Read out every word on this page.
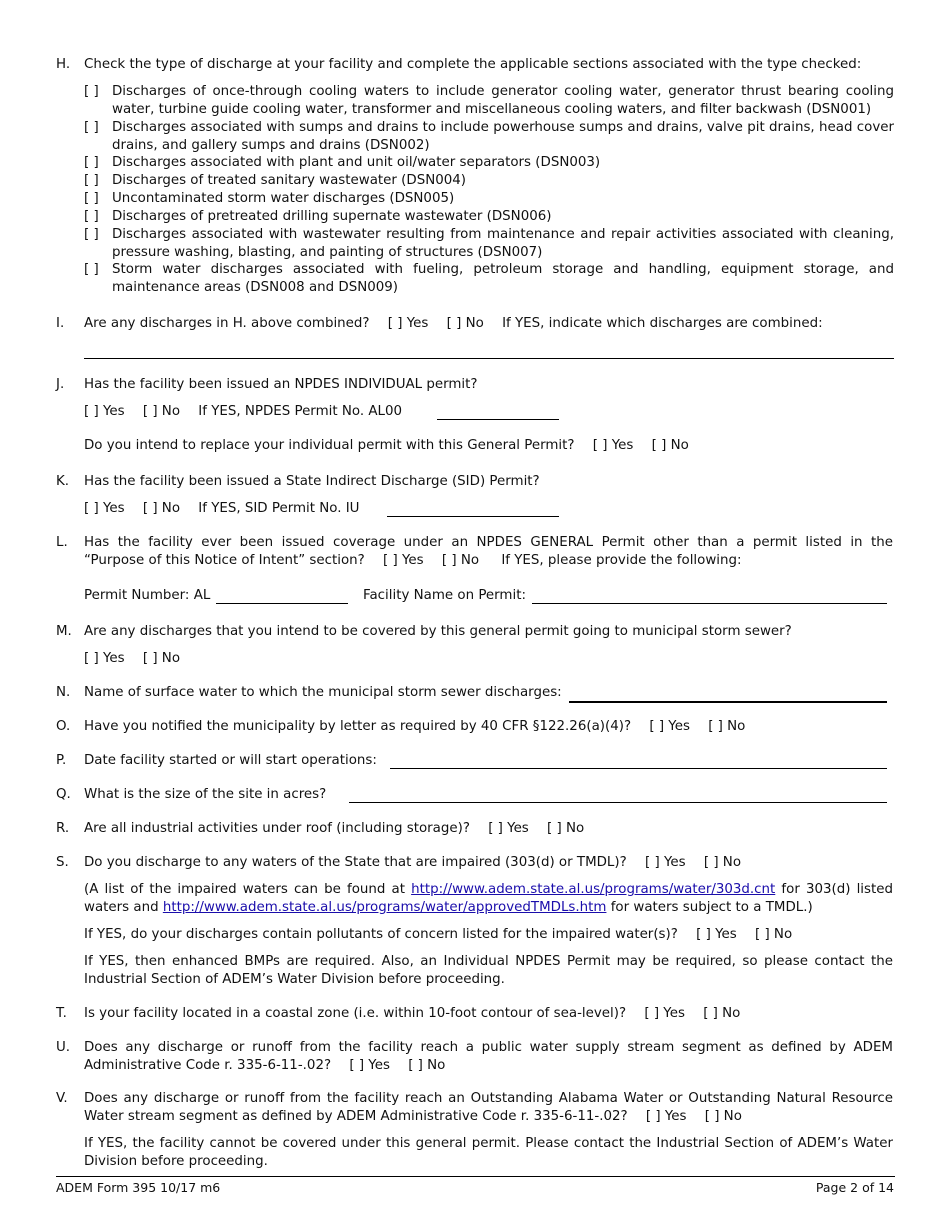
H. Check the type of discharge at your facility and complete the applicable sections associated with the type checked:
[ ] Discharges of once-through cooling waters to include generator cooling water, generator thrust bearing cooling water, turbine guide cooling water, transformer and miscellaneous cooling waters, and filter backwash (DSN001)
[ ] Discharges associated with sumps and drains to include powerhouse sumps and drains, valve pit drains, head cover drains, and gallery sumps and drains (DSN002)
[ ] Discharges associated with plant and unit oil/water separators (DSN003)
[ ] Discharges of treated sanitary wastewater (DSN004)
[ ] Uncontaminated storm water discharges (DSN005)
[ ] Discharges of pretreated drilling supernate wastewater (DSN006)
[ ] Discharges associated with wastewater resulting from maintenance and repair activities associated with cleaning, pressure washing, blasting, and painting of structures (DSN007)
[ ] Storm water discharges associated with fueling, petroleum storage and handling, equipment storage, and maintenance areas (DSN008 and DSN009)
I. Are any discharges in H. above combined? [ ] Yes [ ] No If YES, indicate which discharges are combined:
J. Has the facility been issued an NPDES INDIVIDUAL permit?
[ ] Yes [ ] No If YES, NPDES Permit No. AL00
Do you intend to replace your individual permit with this General Permit? [ ] Yes [ ] No
K. Has the facility been issued a State Indirect Discharge (SID) Permit?
[ ] Yes [ ] No If YES, SID Permit No. IU
L. Has the facility ever been issued coverage under an NPDES GENERAL Permit other than a permit listed in the
“Purpose of this Notice of Intent” section? [ ] Yes [ ] No If YES, please provide the following:
Permit Number: AL	Facility Name on Permit:
M. Are any discharges that you intend to be covered by this general permit going to municipal storm sewer?
[ ] Yes [ ] No
N. Name of surface water to which the municipal storm sewer discharges:
O. Have you notified the municipality by letter as required by 40 CFR §122.26(a)(4)? [ ] Yes [ ] No
P. Date facility started or will start operations:
Q. What is the size of the site in acres?
R. Are all industrial activities under roof (including storage)? [ ] Yes [ ] No
S. Do you discharge to any waters of the State that are impaired (303(d) or TMDL)? [ ] Yes [ ] No
(A list of the impaired waters can be found at http://www.adem.state.al.us/programs/water/303d.cnt for 303(d) listed
waters and http://www.adem.state.al.us/programs/water/approvedTMDLs.htm for waters subject to a TMDL.)
If YES, do your discharges contain pollutants of concern listed for the impaired water(s)? [ ] Yes [ ] No
If YES, then enhanced BMPs are required. Also, an Individual NPDES Permit may be required, so please contact the Industrial Section of ADEM’s Water Division before proceeding.
T. Is your facility located in a coastal zone (i.e. within 10-foot contour of sea-level)? [ ] Yes [ ] No
U. Does any discharge or runoff from the facility reach a public water supply stream segment as defined by ADEM
Administrative Code r. 335-6-11-.02? [ ] Yes [ ] No
V. Does any discharge or runoff from the facility reach an Outstanding Alabama Water or Outstanding Natural Resource
Water stream segment as defined by ADEM Administrative Code r. 335-6-11-.02? [ ] Yes [ ] No
If YES, the facility cannot be covered under this general permit. Please contact the Industrial Section of ADEM’s Water Division before proceeding.
ADEM Form 395 10/17 m6	Page 2 of 14
